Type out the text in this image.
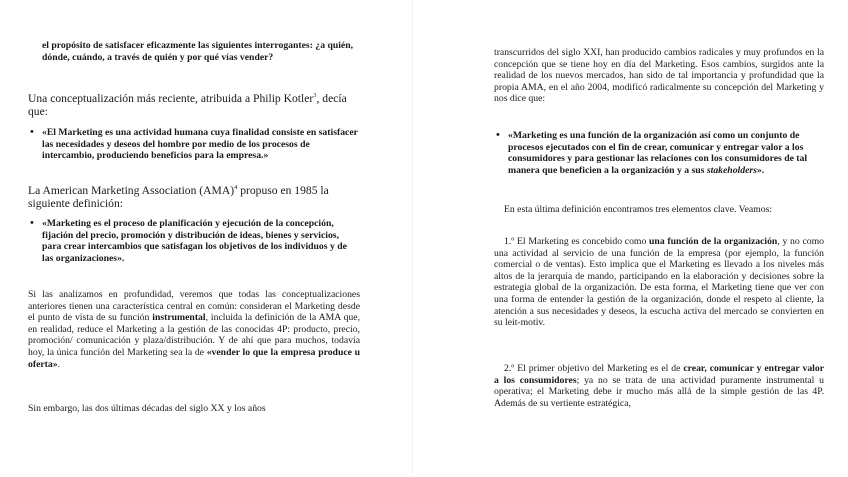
el propósito de satisfacer eficazmente las siguientes interrogantes: ¿a quién, dónde, cuándo, a través de quién y por qué vías vender?

Una conceptualización más reciente, atribuida a Philip Kotler$^3$, decía que:

• «El Marketing es una actividad humana cuya finalidad consiste en satisfacer las necesidades y deseos del hombre por medio de los procesos de intercambio, produciendo beneficios para la empresa.»

La American Marketing Association (AMA)$^4$ propuso en 1985 la siguiente definición:

• «Marketing es el proceso de planificación y ejecución de la concepción, fijación del precio, promoción y distribución de ideas, bienes y servicios, para crear intercambios que satisfagan los objetivos de los individuos y de las organizaciones».

Si las analizamos en profundidad, veremos que todas las conceptualizaciones anteriores tienen una característica central en común: consideran el Marketing desde el punto de vista de su función instrumental, incluida la definición de la AMA que, en realidad, reduce el Marketing a la gestión de las conocidas 4P: producto, precio, promoción/ comunicación y plaza/distribución. Y de ahí que para muchos, todavía hoy, la única función del Marketing sea la de «vender lo que la empresa produce u oferta».

Sin embargo, las dos últimas décadas del siglo XX y los años

transcurridos del siglo XXI, han producido cambios radicales y muy profundos en la concepción que se tiene hoy en día del Marketing. Esos cambios, surgidos ante la realidad de los nuevos mercados, han sido de tal importancia y profundidad que la propia AMA, en el año 2004, modificó radicalmente su concepción del Marketing y nos dice que:

• «Marketing es una función de la organización así como un conjunto de procesos ejecutados con el fin de crear, comunicar y entregar valor a los consumidores y para gestionar las relaciones con los consumidores de tal manera que beneficien a la organización y a sus stakeholders».

En esta última definición encontramos tres elementos clave. Veamos:

1.º El Marketing es concebido como una función de la organización, y no como una actividad al servicio de una función de la empresa (por ejemplo, la función comercial o de ventas). Esto implica que el Marketing es llevado a los niveles más altos de la jerarquía de mando, participando en la elaboración y decisiones sobre la estrategia global de la organización. De esta forma, el Marketing tiene que ver con una forma de entender la gestión de la organización, donde el respeto al cliente, la atención a sus necesidades y deseos, la escucha activa del mercado se convierten en su leit-motiv.

2.º El primer objetivo del Marketing es el de crear, comunicar y entregar valor a los consumidores; ya no se trata de una actividad puramente instrumental u operativa; el Marketing debe ir mucho más allá de la simple gestión de las 4P. Además de su vertiente estratégica,
